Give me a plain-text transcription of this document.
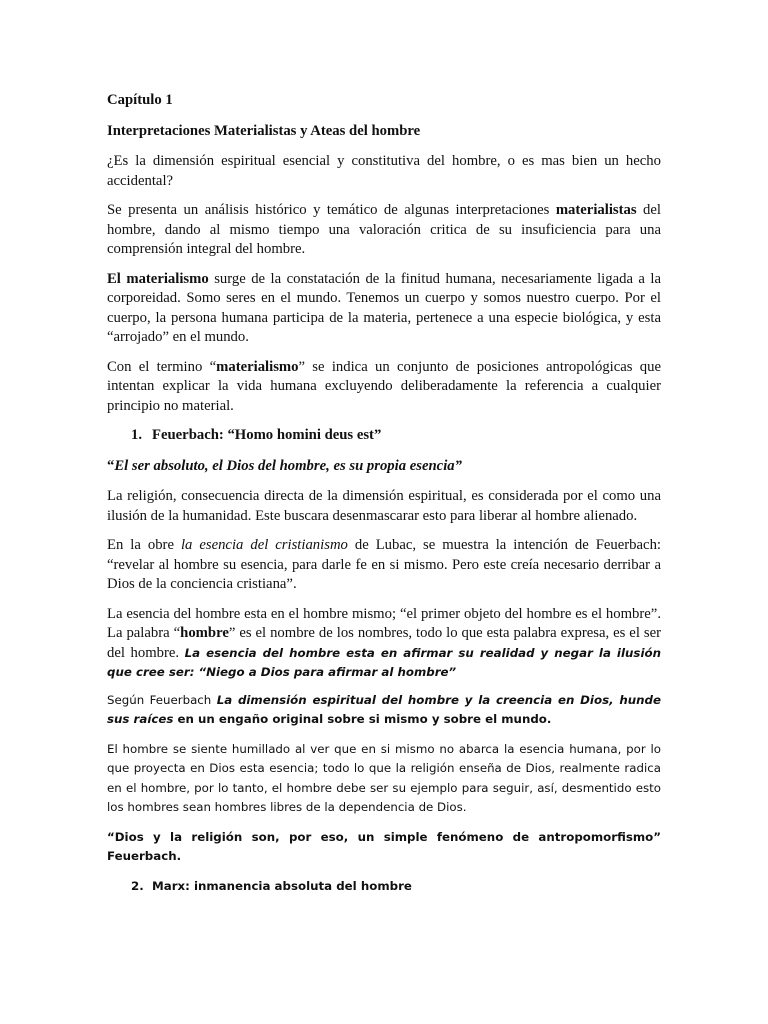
Capítulo 1

Interpretaciones Materialistas y Ateas del hombre

¿Es la dimensión espiritual esencial y constitutiva del hombre, o es mas bien un hecho accidental?

Se presenta un análisis histórico y temático de algunas interpretaciones materialistas del hombre, dando al mismo tiempo una valoración critica de su insuficiencia para una comprensión integral del hombre.

El materialismo surge de la constatación de la finitud humana, necesariamente ligada a la corporeidad. Somo seres en el mundo. Tenemos un cuerpo y somos nuestro cuerpo. Por el cuerpo, la persona humana participa de la materia, pertenece a una especie biológica, y esta “arrojado” en el mundo.

Con el termino “materialismo” se indica un conjunto de posiciones antropológicas que intentan explicar la vida humana excluyendo deliberadamente la referencia a cualquier principio no material.

1. Feuerbach: “Homo homini deus est”

“El ser absoluto, el Dios del hombre, es su propia esencia”

La religión, consecuencia directa de la dimensión espiritual, es considerada por el como una ilusión de la humanidad. Este buscara desenmascarar esto para liberar al hombre alienado.

En la obre la esencia del cristianismo de Lubac, se muestra la intención de Feuerbach: “revelar al hombre su esencia, para darle fe en si mismo. Pero este creía necesario derribar a Dios de la conciencia cristiana”.

La esencia del hombre esta en el hombre mismo; “el primer objeto del hombre es el hombre”. La palabra “hombre” es el nombre de los nombres, todo lo que esta palabra expresa, es el ser del hombre. La esencia del hombre esta en afirmar su realidad y negar la ilusión que cree ser: “Niego a Dios para afirmar al hombre”

Según Feuerbach La dimensión espiritual del hombre y la creencia en Dios, hunde sus raíces en un engaño original sobre si mismo y sobre el mundo.

El hombre se siente humillado al ver que en si mismo no abarca la esencia humana, por lo que proyecta en Dios esta esencia; todo lo que la religión enseña de Dios, realmente radica en el hombre, por lo tanto, el hombre debe ser su ejemplo para seguir, así, desmentido esto los hombres sean hombres libres de la dependencia de Dios.

“Dios y la religión son, por eso, un simple fenómeno de antropomorfismo” Feuerbach.

2. Marx: inmanencia absoluta del hombre
